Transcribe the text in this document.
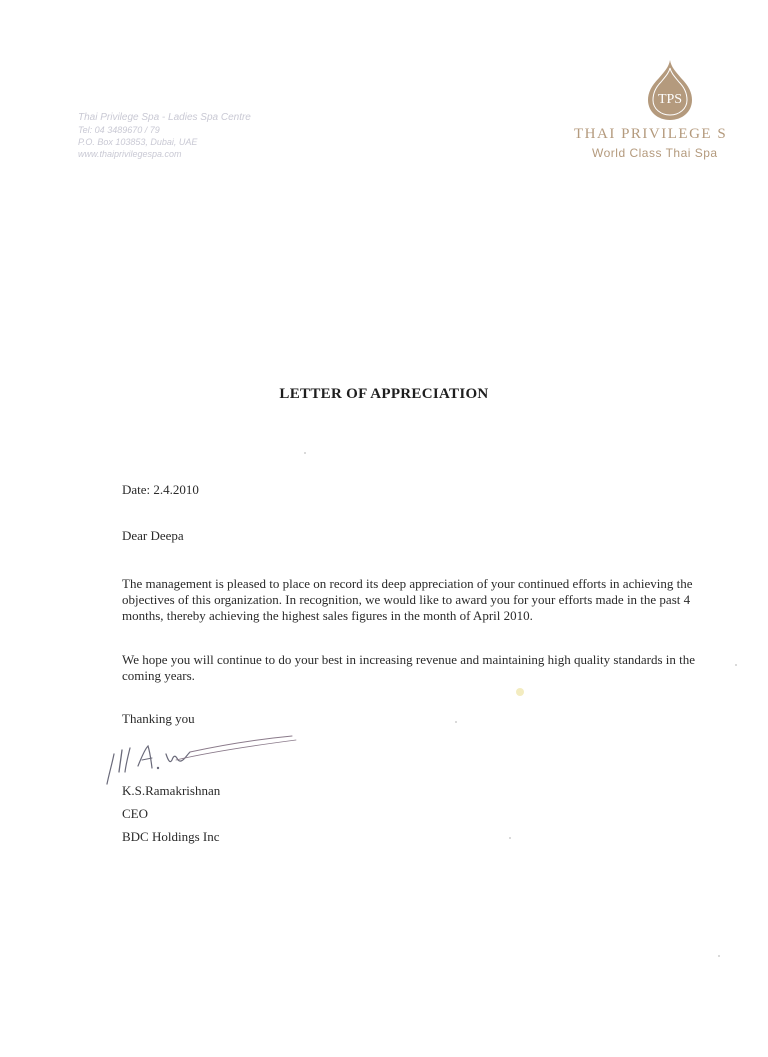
Thai Privilege Spa - Ladies Spa Centre
Tel: 04 3489670 / 79
P.O. Box 103853, Dubai, UAE
www.thaiprivilegespa.com
TPS
THAI PRIVILEGE S
World Class Thai Spa
LETTER OF APPRECIATION
Date: 2.4.2010
Dear Deepa
The management is pleased to place on record its deep appreciation of your continued efforts in achieving the objectives of this organization. In recognition, we would like to award you for your efforts made in the past 4 months, thereby achieving the highest sales figures in the month of April 2010.
We hope you will continue to do your best in increasing revenue and maintaining high quality standards in the coming years.
Thanking you
K.S.Ramakrishnan
CEO
BDC Holdings Inc
